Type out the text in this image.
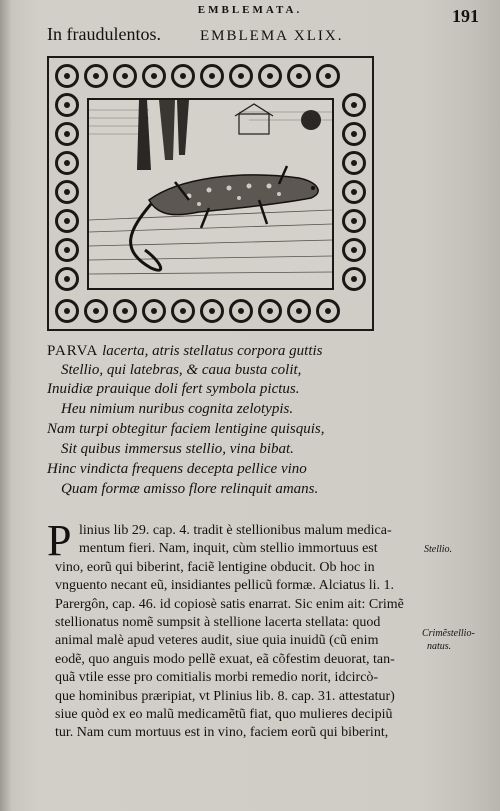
EMBLEMATA.	191
In fraudulentos.	EMBLEMA XLIX.
PARVA lacerta, atris stellatus corpora guttis
Stellio, qui latebras, & caua busta colit,
Inuidiæ prauique doli fert symbola pictus.
Heu nimium nuribus cognita zelotypis.
Nam turpi obtegitur faciem lentigine quisquis,
Sit quibus immersus stellio, vina bibat.
Hinc vindicta frequens decepta pellice vino
Quam formæ amisso flore relinquit amans.
P linius lib 29. cap. 4. tradit è stellionibus malum medica-
mentum fieri. Nam, inquit, cùm stellio immortuus est
vino, eorũ qui biberint, faciẽ lentigine obducit. Ob hoc in
vnguento necant eũ, insidiantes pellicũ formæ. Alciatus li. 1.
Parergôn, cap. 46. id copiosè satis enarrat. Sic enim ait: Crimẽ
stellionatus nomẽ sumpsit à stellione lacerta stellata: quod
animal malè apud veteres audit, siue quia inuidũ (cũ enim
eodẽ, quo anguis modo pellẽ exuat, eã cõfestim deuorat, tan-
quã vtile esse pro comitialis morbi remedio norit, idcircò-
que hominibus præripiat, vt Plinius lib. 8. cap. 31. attestatur)
siue quòd ex eo malũ medicamẽtũ fiat, quo mulieres decipiũ
tur. Nam cum mortuus est in vino, faciem eorũ qui biberint,
Stellio.
Crimẽstellio-
natus.
